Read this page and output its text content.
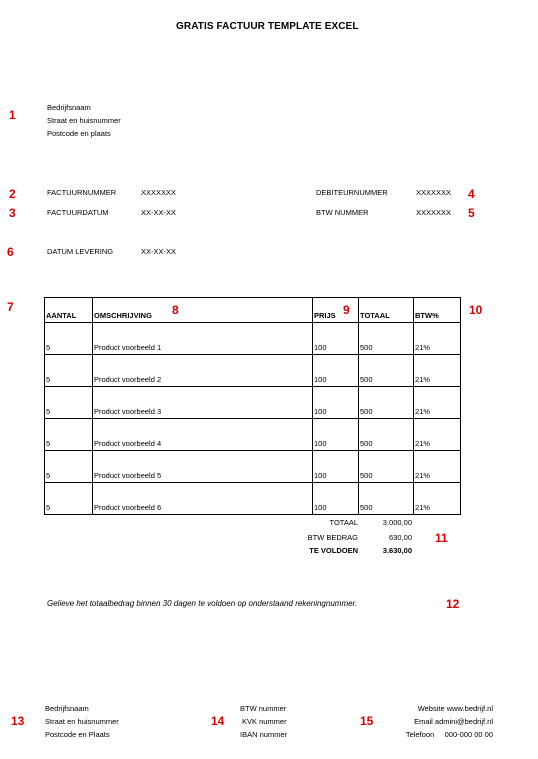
GRATIS FACTUUR TEMPLATE EXCEL
Bedrijfsnaam
Straat en huisnummer
Postcode en plaats
FACTUURNUMMER	XXXXXXX
FACTUURDATUM	XX-XX-XX
DATUM LEVERING	XX-XX-XX
DEBITEURNUMMER	XXXXXXX
BTW NUMMER	XXXXXXX
AANTAL	OMSCHRIJVING	PRIJS	TOTAAL	BTW%
5	Product voorbeeld 1	100	500	21%
5	Product voorbeeld 2	100	500	21%
5	Product voorbeeld 3	100	500	21%
5	Product voorbeeld 4	100	500	21%
5	Product voorbeeld 5	100	500	21%
5	Product voorbeeld 6	100	500	21%
TOTAAL	3.000,00
BTW BEDRAG	630,00
TE VOLDOEN	3.630,00
Gelieve het totaalbedrag binnen 30 dagen te voldoen op onderstaand rekeningnummer.
Bedrijfsnaam
Straat en huisnummer
Postcode en Plaats
BTW nummer
KVK nummer
IBAN nummer
Website www.bedrijf.nl
Email admini@bedrijf.nl
Telefoon     000-000 00 00
1
2
3
4
5
6
7	8	9	10
11
12
13	14	15
